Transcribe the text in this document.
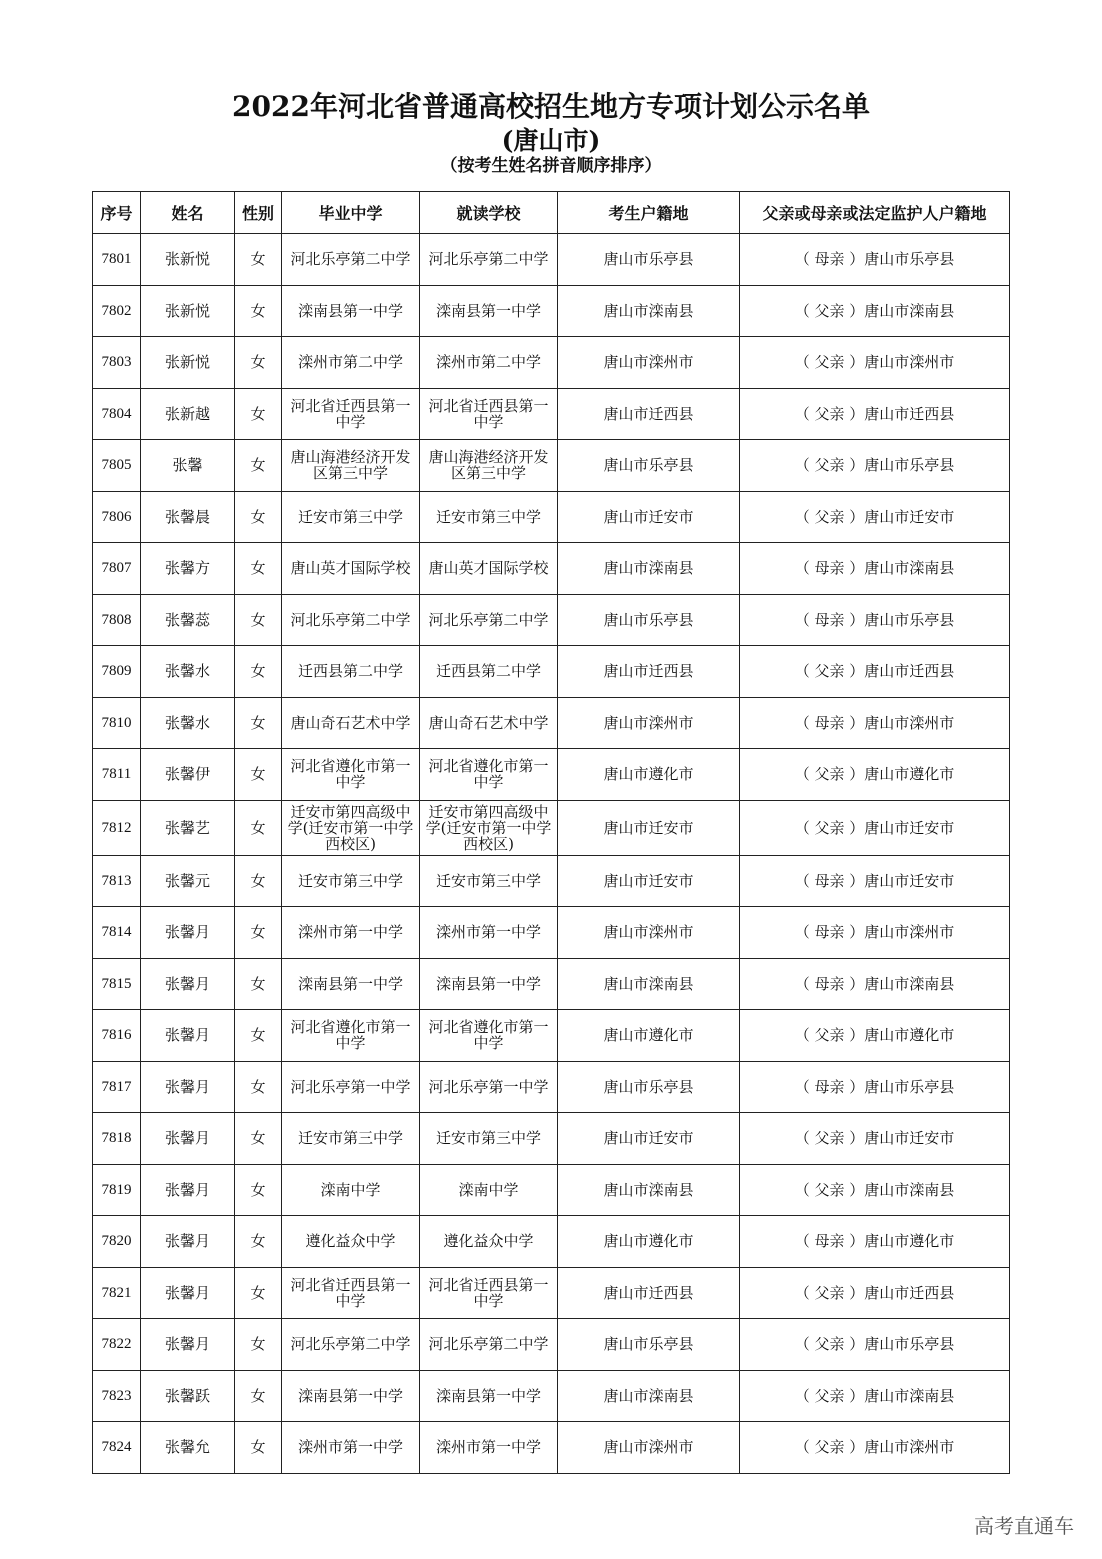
2022年河北省普通高校招生地方专项计划公示名单
(唐山市)
（按考生姓名拼音顺序排序）
序号	姓名	性别	毕业中学	就读学校	考生户籍地	父亲或母亲或法定监护人户籍地
7801	张新悦	女	河北乐亭第二中学	河北乐亭第二中学	唐山市乐亭县	（ 母亲 ）唐山市乐亭县
7802	张新悦	女	滦南县第一中学	滦南县第一中学	唐山市滦南县	（ 父亲 ）唐山市滦南县
7803	张新悦	女	滦州市第二中学	滦州市第二中学	唐山市滦州市	（ 父亲 ）唐山市滦州市
7804	张新越	女	河北省迁西县第一中学	河北省迁西县第一中学	唐山市迁西县	（ 父亲 ）唐山市迁西县
7805	张馨	女	唐山海港经济开发区第三中学	唐山海港经济开发区第三中学	唐山市乐亭县	（ 父亲 ）唐山市乐亭县
7806	张馨晨	女	迁安市第三中学	迁安市第三中学	唐山市迁安市	（ 父亲 ）唐山市迁安市
7807	张馨方	女	唐山英才国际学校	唐山英才国际学校	唐山市滦南县	（ 母亲 ）唐山市滦南县
7808	张馨蕊	女	河北乐亭第二中学	河北乐亭第二中学	唐山市乐亭县	（ 母亲 ）唐山市乐亭县
7809	张馨水	女	迁西县第二中学	迁西县第二中学	唐山市迁西县	（ 父亲 ）唐山市迁西县
7810	张馨水	女	唐山奇石艺术中学	唐山奇石艺术中学	唐山市滦州市	（ 母亲 ）唐山市滦州市
7811	张馨伊	女	河北省遵化市第一中学	河北省遵化市第一中学	唐山市遵化市	（ 父亲 ）唐山市遵化市
7812	张馨艺	女	迁安市第四高级中学(迁安市第一中学西校区)	迁安市第四高级中学(迁安市第一中学西校区)	唐山市迁安市	（ 父亲 ）唐山市迁安市
7813	张馨元	女	迁安市第三中学	迁安市第三中学	唐山市迁安市	（ 母亲 ）唐山市迁安市
7814	张馨月	女	滦州市第一中学	滦州市第一中学	唐山市滦州市	（ 母亲 ）唐山市滦州市
7815	张馨月	女	滦南县第一中学	滦南县第一中学	唐山市滦南县	（ 母亲 ）唐山市滦南县
7816	张馨月	女	河北省遵化市第一中学	河北省遵化市第一中学	唐山市遵化市	（ 父亲 ）唐山市遵化市
7817	张馨月	女	河北乐亭第一中学	河北乐亭第一中学	唐山市乐亭县	（ 母亲 ）唐山市乐亭县
7818	张馨月	女	迁安市第三中学	迁安市第三中学	唐山市迁安市	（ 父亲 ）唐山市迁安市
7819	张馨月	女	滦南中学	滦南中学	唐山市滦南县	（ 父亲 ）唐山市滦南县
7820	张馨月	女	遵化益众中学	遵化益众中学	唐山市遵化市	（ 母亲 ）唐山市遵化市
7821	张馨月	女	河北省迁西县第一中学	河北省迁西县第一中学	唐山市迁西县	（ 父亲 ）唐山市迁西县
7822	张馨月	女	河北乐亭第二中学	河北乐亭第二中学	唐山市乐亭县	（ 父亲 ）唐山市乐亭县
7823	张馨跃	女	滦南县第一中学	滦南县第一中学	唐山市滦南县	（ 父亲 ）唐山市滦南县
7824	张馨允	女	滦州市第一中学	滦州市第一中学	唐山市滦州市	（ 父亲 ）唐山市滦州市
高考直通车
